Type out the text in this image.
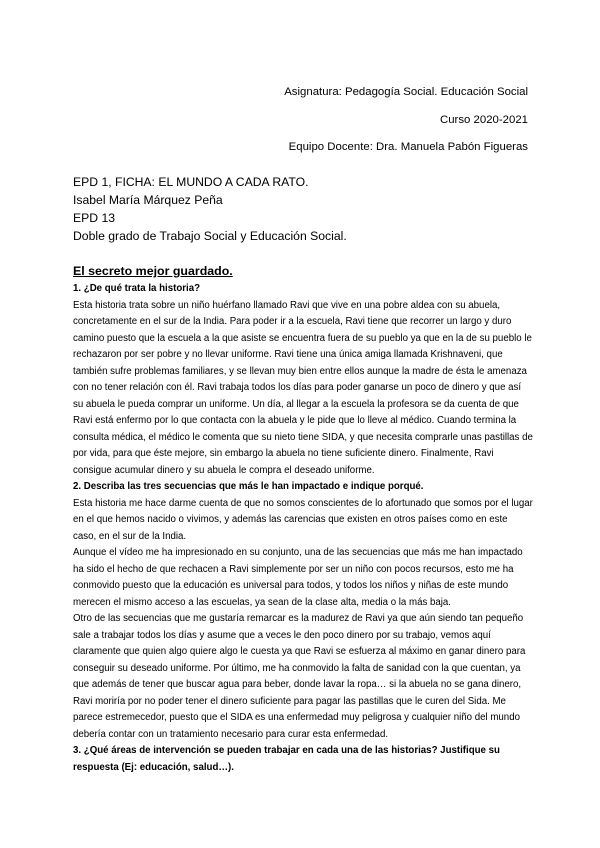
Asignatura: Pedagogía Social. Educación Social
Curso 2020-2021
Equipo Docente: Dra. Manuela Pabón Figueras
EPD 1, FICHA: EL MUNDO A CADA RATO.
Isabel María Márquez Peña
EPD 13
Doble grado de Trabajo Social y Educación Social.
El secreto mejor guardado.
1. ¿De qué trata la historia?
Esta historia trata sobre un niño huérfano llamado Ravi que vive en una pobre aldea con su abuela, concretamente en el sur de la India. Para poder ir a la escuela, Ravi tiene que recorrer un largo y duro camino puesto que la escuela a la que asiste se encuentra fuera de su pueblo ya que en la de su pueblo le rechazaron por ser pobre y no llevar uniforme. Ravi tiene una única amiga llamada Krishnaveni, que también sufre problemas familiares, y se llevan muy bien entre ellos aunque la madre de ésta le amenaza con no tener relación con él. Ravi trabaja todos los días para poder ganarse un poco de dinero y que así su abuela le pueda comprar un uniforme. Un día, al llegar a la escuela la profesora se da cuenta de que Ravi está enfermo por lo que contacta con la abuela y le pide que lo lleve al médico. Cuando termina la consulta médica, el médico le comenta que su nieto tiene SIDA, y que necesita comprarle unas pastillas de por vida, para que éste mejore, sin embargo la abuela no tiene suficiente dinero. Finalmente, Ravi consigue acumular dinero y su abuela le compra el deseado uniforme.
2. Describa las tres secuencias que más le han impactado e indique porqué.
Esta historia me hace darme cuenta de que no somos conscientes de lo afortunado que somos por el lugar en el que hemos nacido o vivimos, y además las carencias que existen en otros países como en este caso, en el sur de la India.
Aunque el vídeo me ha impresionado en su conjunto, una de las secuencias que más me han impactado ha sido el hecho de que rechacen a Ravi simplemente por ser un niño con pocos recursos, esto me ha conmovido puesto que la educación es universal para todos, y todos los niños y niñas de este mundo merecen el mismo acceso a las escuelas, ya sean de la clase alta, media o la más baja.
Otro de las secuencias que me gustaría remarcar es la madurez de Ravi ya que aún siendo tan pequeño sale a trabajar todos los días y asume que a veces le den poco dinero por su trabajo, vemos aquí claramente que quien algo quiere algo le cuesta ya que Ravi se esfuerza al máximo en ganar dinero para conseguir su deseado uniforme. Por último, me ha conmovido la falta de sanidad con la que cuentan, ya que además de tener que buscar agua para beber, donde lavar la ropa… si la abuela no se gana dinero, Ravi moriría por no poder tener el dinero suficiente para pagar las pastillas que le curen del Sida. Me parece estremecedor, puesto que el SIDA es una enfermedad muy peligrosa y cualquier niño del mundo debería contar con un tratamiento necesario para curar esta enfermedad.
3. ¿Qué áreas de intervención se pueden trabajar en cada una de las historias? Justifique su respuesta (Ej: educación, salud…).
